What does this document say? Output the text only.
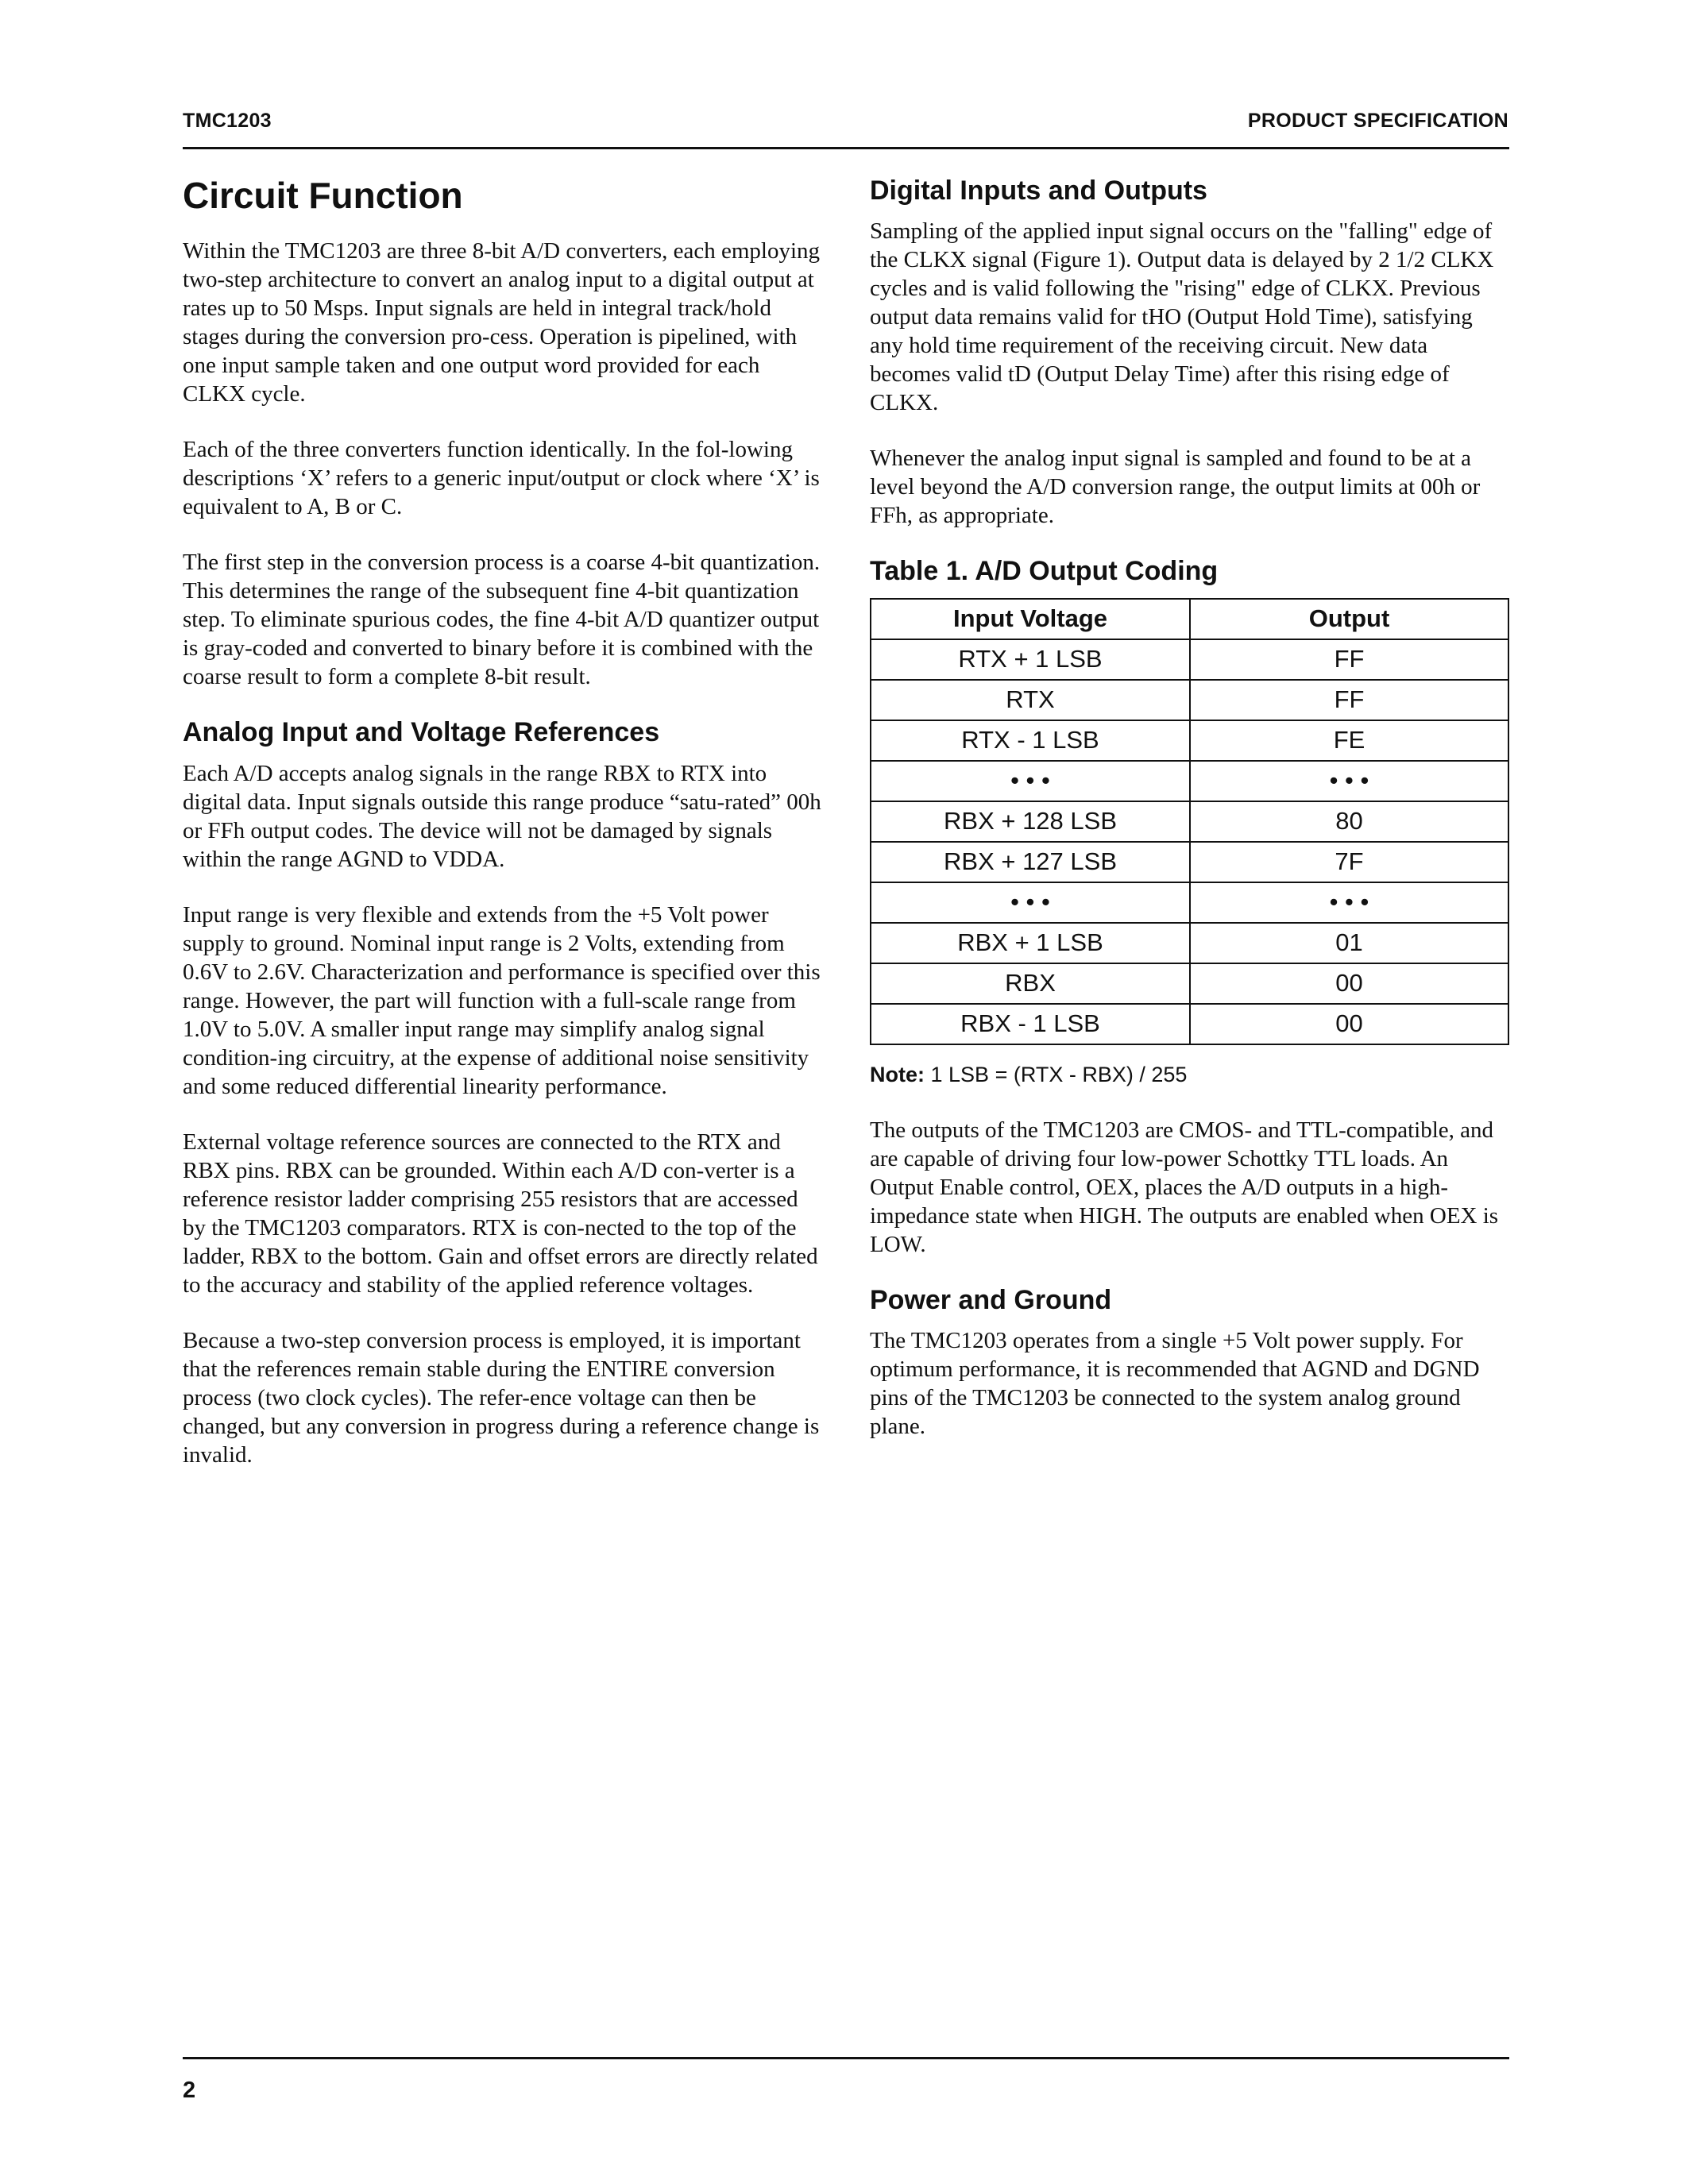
TMC1203	PRODUCT SPECIFICATION
Circuit Function

Within the TMC1203 are three 8-bit A/D converters, each employing two-step architecture to convert an analog input to a digital output at rates up to 50 Msps. Input signals are held in integral track/hold stages during the conversion pro-cess. Operation is pipelined, with one input sample taken and one output word provided for each CLKX cycle.

Each of the three converters function identically. In the fol-lowing descriptions ‘X’ refers to a generic input/output or clock where ‘X’ is equivalent to A, B or C.

The first step in the conversion process is a coarse 4-bit quantization. This determines the range of the subsequent fine 4-bit quantization step. To eliminate spurious codes, the fine 4-bit A/D quantizer output is gray-coded and converted to binary before it is combined with the coarse result to form a complete 8-bit result.

Analog Input and Voltage References

Each A/D accepts analog signals in the range RBX to RTX into digital data. Input signals outside this range produce “satu-rated” 00h or FFh output codes. The device will not be damaged by signals within the range AGND to VDDA.

Input range is very flexible and extends from the +5 Volt power supply to ground. Nominal input range is 2 Volts, extending from 0.6V to 2.6V. Characterization and performance is specified over this range. However, the part will function with a full-scale range from 1.0V to 5.0V. A smaller input range may simplify analog signal condition-ing circuitry, at the expense of additional noise sensitivity and some reduced differential linearity performance.

External voltage reference sources are connected to the RTX and RBX pins. RBX can be grounded. Within each A/D con-verter is a reference resistor ladder comprising 255 resistors that are accessed by the TMC1203 comparators. RTX is con-nected to the top of the ladder, RBX to the bottom. Gain and offset errors are directly related to the accuracy and stability of the applied reference voltages.

Because a two-step conversion process is employed, it is important that the references remain stable during the ENTIRE conversion process (two clock cycles). The refer-ence voltage can then be changed, but any conversion in progress during a reference change is invalid.

Digital Inputs and Outputs

Sampling of the applied input signal occurs on the "falling" edge of the CLKX signal (Figure 1). Output data is delayed by 2 1/2 CLKX cycles and is valid following the "rising" edge of CLKX. Previous output data remains valid for tHO (Output Hold Time), satisfying any hold time requirement of the receiving circuit. New data becomes valid tD (Output Delay Time) after this rising edge of CLKX.

Whenever the analog input signal is sampled and found to be at a level beyond the A/D conversion range, the output limits at 00h or FFh, as appropriate.

Table 1. A/D Output Coding
Input Voltage	Output
RTX + 1 LSB	FF
RTX	FF
RTX - 1 LSB	FE
• • •	• • •
RBX + 128 LSB	80
RBX + 127 LSB	7F
• • •	• • •
RBX + 1 LSB	01
RBX	00
RBX - 1 LSB	00
Note: 1 LSB = (RTX - RBX) / 255

The outputs of the TMC1203 are CMOS- and TTL-compatible, and are capable of driving four low-power Schottky TTL loads. An Output Enable control, OEX, places the A/D outputs in a high-impedance state when HIGH. The outputs are enabled when OEX is LOW.

Power and Ground

The TMC1203 operates from a single +5 Volt power supply. For optimum performance, it is recommended that AGND and DGND pins of the TMC1203 be connected to the system analog ground plane.

2
